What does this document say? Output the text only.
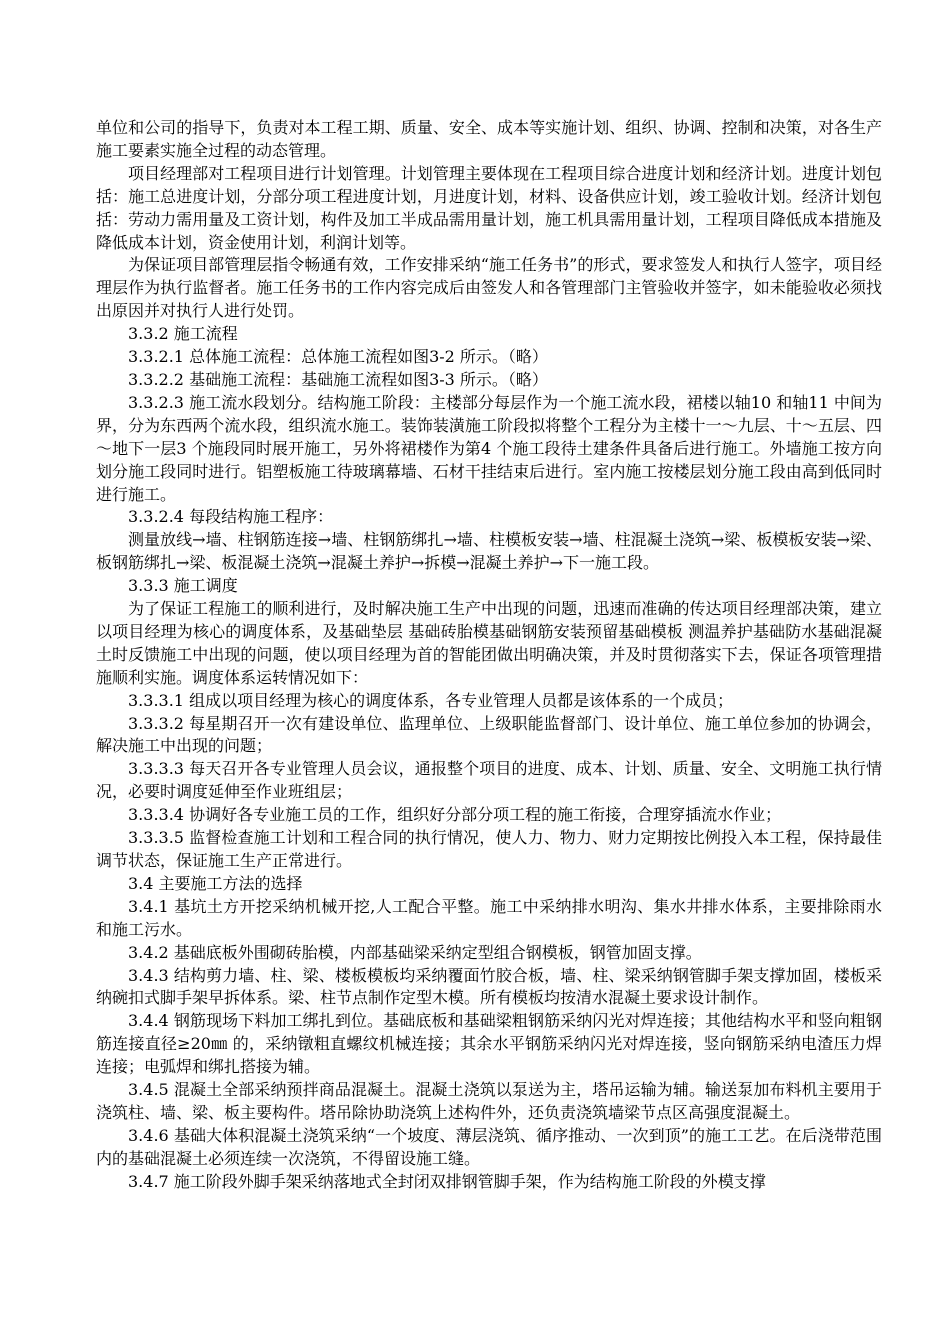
单位和公司的指导下，负责对本工程工期、质量、安全、成本等实施计划、组织、协调、控制和决策，对各生产施工要素实施全过程的动态管理。

项目经理部对工程项目进行计划管理。计划管理主要体现在工程项目综合进度计划和经济计划。进度计划包括：施工总进度计划，分部分项工程进度计划，月进度计划，材料、设备供应计划，竣工验收计划。经济计划包括：劳动力需用量及工资计划，构件及加工半成品需用量计划，施工机具需用量计划，工程项目降低成本措施及降低成本计划，资金使用计划，利润计划等。

为保证项目部管理层指令畅通有效，工作安排采纳“施工任务书”的形式，要求签发人和执行人签字，项目经理层作为执行监督者。施工任务书的工作内容完成后由签发人和各管理部门主管验收并签字，如未能验收必须找出原因并对执行人进行处罚。

3.3.2 施工流程

3.3.2.1 总体施工流程：总体施工流程如图3-2 所示。（略）

3.3.2.2 基础施工流程：基础施工流程如图3-3 所示。（略）

3.3.2.3 施工流水段划分。结构施工阶段：主楼部分每层作为一个施工流水段，裙楼以轴10 和轴11 中间为界，分为东西两个流水段，组织流水施工。装饰装潢施工阶段拟将整个工程分为主楼十一～九层、十～五层、四～地下一层3 个施段同时展开施工，另外将裙楼作为第4 个施工段待土建条件具备后进行施工。外墙施工按方向划分施工段同时进行。铝塑板施工待玻璃幕墙、石材干挂结束后进行。室内施工按楼层划分施工段由高到低同时进行施工。

3.3.2.4 每段结构施工程序：

测量放线→墙、柱钢筋连接→墙、柱钢筋绑扎→墙、柱模板安装→墙、柱混凝土浇筑→梁、板模板安装→梁、板钢筋绑扎→梁、板混凝土浇筑→混凝土养护→拆模→混凝土养护→下一施工段。

3.3.3 施工调度

为了保证工程施工的顺利进行，及时解决施工生产中出现的问题，迅速而准确的传达项目经理部决策，建立以项目经理为核心的调度体系，及基础垫层 基础砖胎模基础钢筋安装预留基础模板 测温养护基础防水基础混凝土时反馈施工中出现的问题，使以项目经理为首的智能团做出明确决策，并及时贯彻落实下去，保证各项管理措施顺利实施。调度体系运转情况如下：

3.3.3.1 组成以项目经理为核心的调度体系，各专业管理人员都是该体系的一个成员；

3.3.3.2 每星期召开一次有建设单位、监理单位、上级职能监督部门、设计单位、施工单位参加的协调会，解决施工中出现的问题；

3.3.3.3 每天召开各专业管理人员会议，通报整个项目的进度、成本、计划、质量、安全、文明施工执行情况，必要时调度延伸至作业班组层；

3.3.3.4 协调好各专业施工员的工作，组织好分部分项工程的施工衔接，合理穿插流水作业；

3.3.3.5 监督检查施工计划和工程合同的执行情况，使人力、物力、财力定期按比例投入本工程，保持最佳调节状态，保证施工生产正常进行。

3.4 主要施工方法的选择

3.4.1 基坑土方开挖采纳机械开挖,人工配合平整。施工中采纳排水明沟、集水井排水体系，主要排除雨水和施工污水。

3.4.2 基础底板外围砌砖胎模，内部基础梁采纳定型组合钢模板，钢管加固支撑。

3.4.3 结构剪力墙、柱、梁、楼板模板均采纳覆面竹胶合板，墙、柱、梁采纳钢管脚手架支撑加固，楼板采纳碗扣式脚手架早拆体系。梁、柱节点制作定型木模。所有模板均按清水混凝土要求设计制作。

3.4.4 钢筋现场下料加工绑扎到位。基础底板和基础梁粗钢筋采纳闪光对焊连接；其他结构水平和竖向粗钢筋连接直径≥20㎜ 的，采纳镦粗直螺纹机械连接；其余水平钢筋采纳闪光对焊连接，竖向钢筋采纳电渣压力焊连接；电弧焊和绑扎搭接为辅。

3.4.5 混凝土全部采纳预拌商品混凝土。混凝土浇筑以泵送为主，塔吊运输为辅。输送泵加布料机主要用于浇筑柱、墙、梁、板主要构件。塔吊除协助浇筑上述构件外，还负责浇筑墙梁节点区高强度混凝土。

3.4.6 基础大体积混凝土浇筑采纳“一个坡度、薄层浇筑、循序推动、一次到顶”的施工工艺。在后浇带范围内的基础混凝土必须连续一次浇筑，不得留设施工缝。

3.4.7 施工阶段外脚手架采纳落地式全封闭双排钢管脚手架，作为结构施工阶段的外模支撑
